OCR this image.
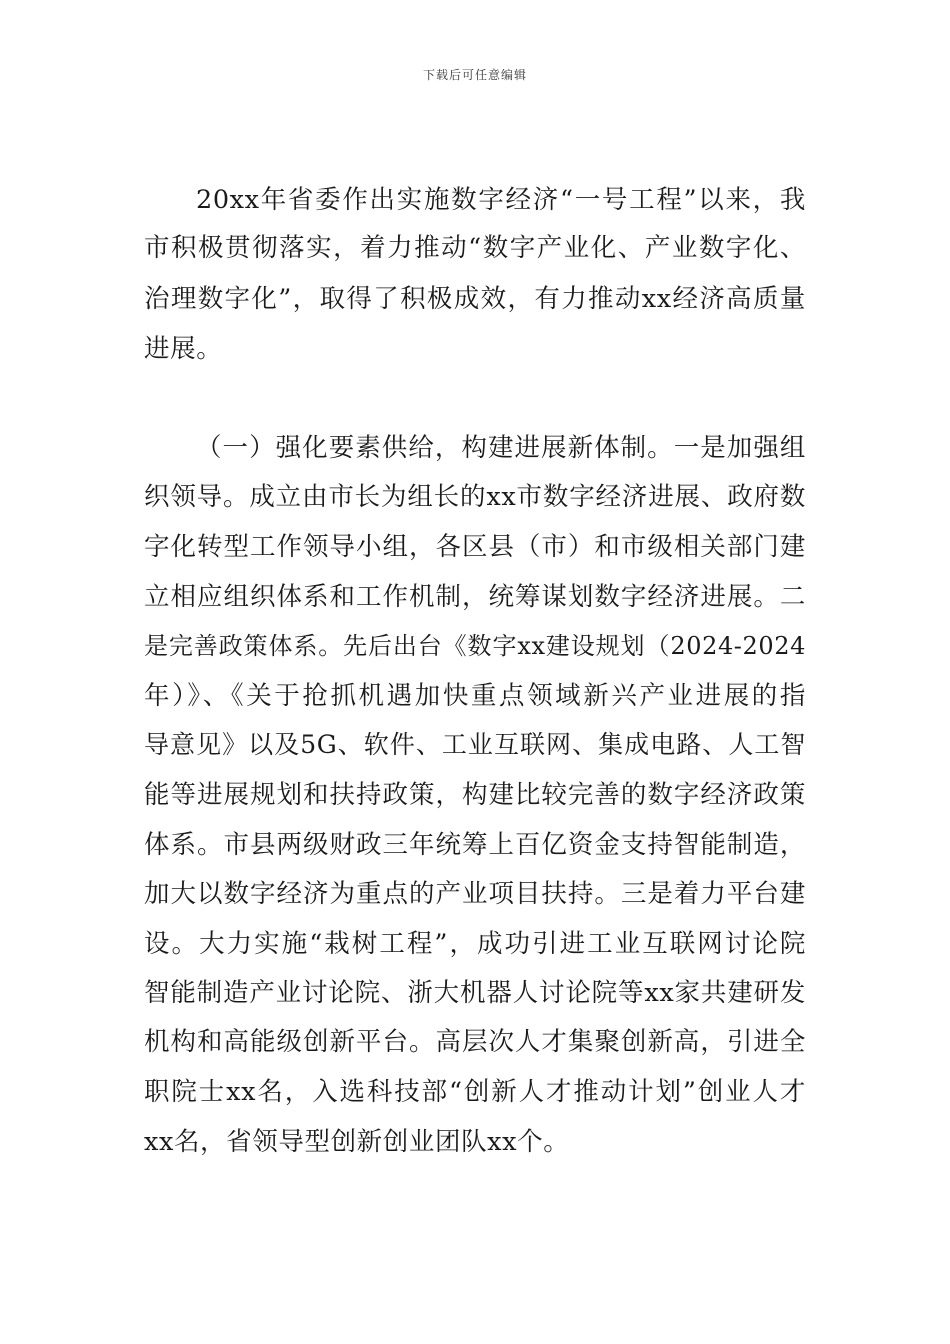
下载后可任意编辑
20xx年省委作出实施数字经济“一号工程”以来，我
市积极贯彻落实，着力推动“数字产业化、产业数字化、
治理数字化”，取得了积极成效，有力推动xx经济高质量
进展。
（一）强化要素供给，构建进展新体制。一是加强组
织领导。成立由市长为组长的xx市数字经济进展、政府数
字化转型工作领导小组，各区县（市）和市级相关部门建
立相应组织体系和工作机制，统筹谋划数字经济进展。二
是完善政策体系。先后出台《数字xx建设规划（2024-2024
年）》、《关于抢抓机遇加快重点领域新兴产业进展的指
导意见》以及5G、软件、工业互联网、集成电路、人工智
能等进展规划和扶持政策，构建比较完善的数字经济政策
体系。市县两级财政三年统筹上百亿资金支持智能制造，
加大以数字经济为重点的产业项目扶持。三是着力平台建
设。大力实施“栽树工程”，成功引进工业互联网讨论院
智能制造产业讨论院、浙大机器人讨论院等xx家共建研发
机构和高能级创新平台。高层次人才集聚创新高，引进全
职院士xx名，入选科技部“创新人才推动计划”创业人才
xx名，省领导型创新创业团队xx个。
